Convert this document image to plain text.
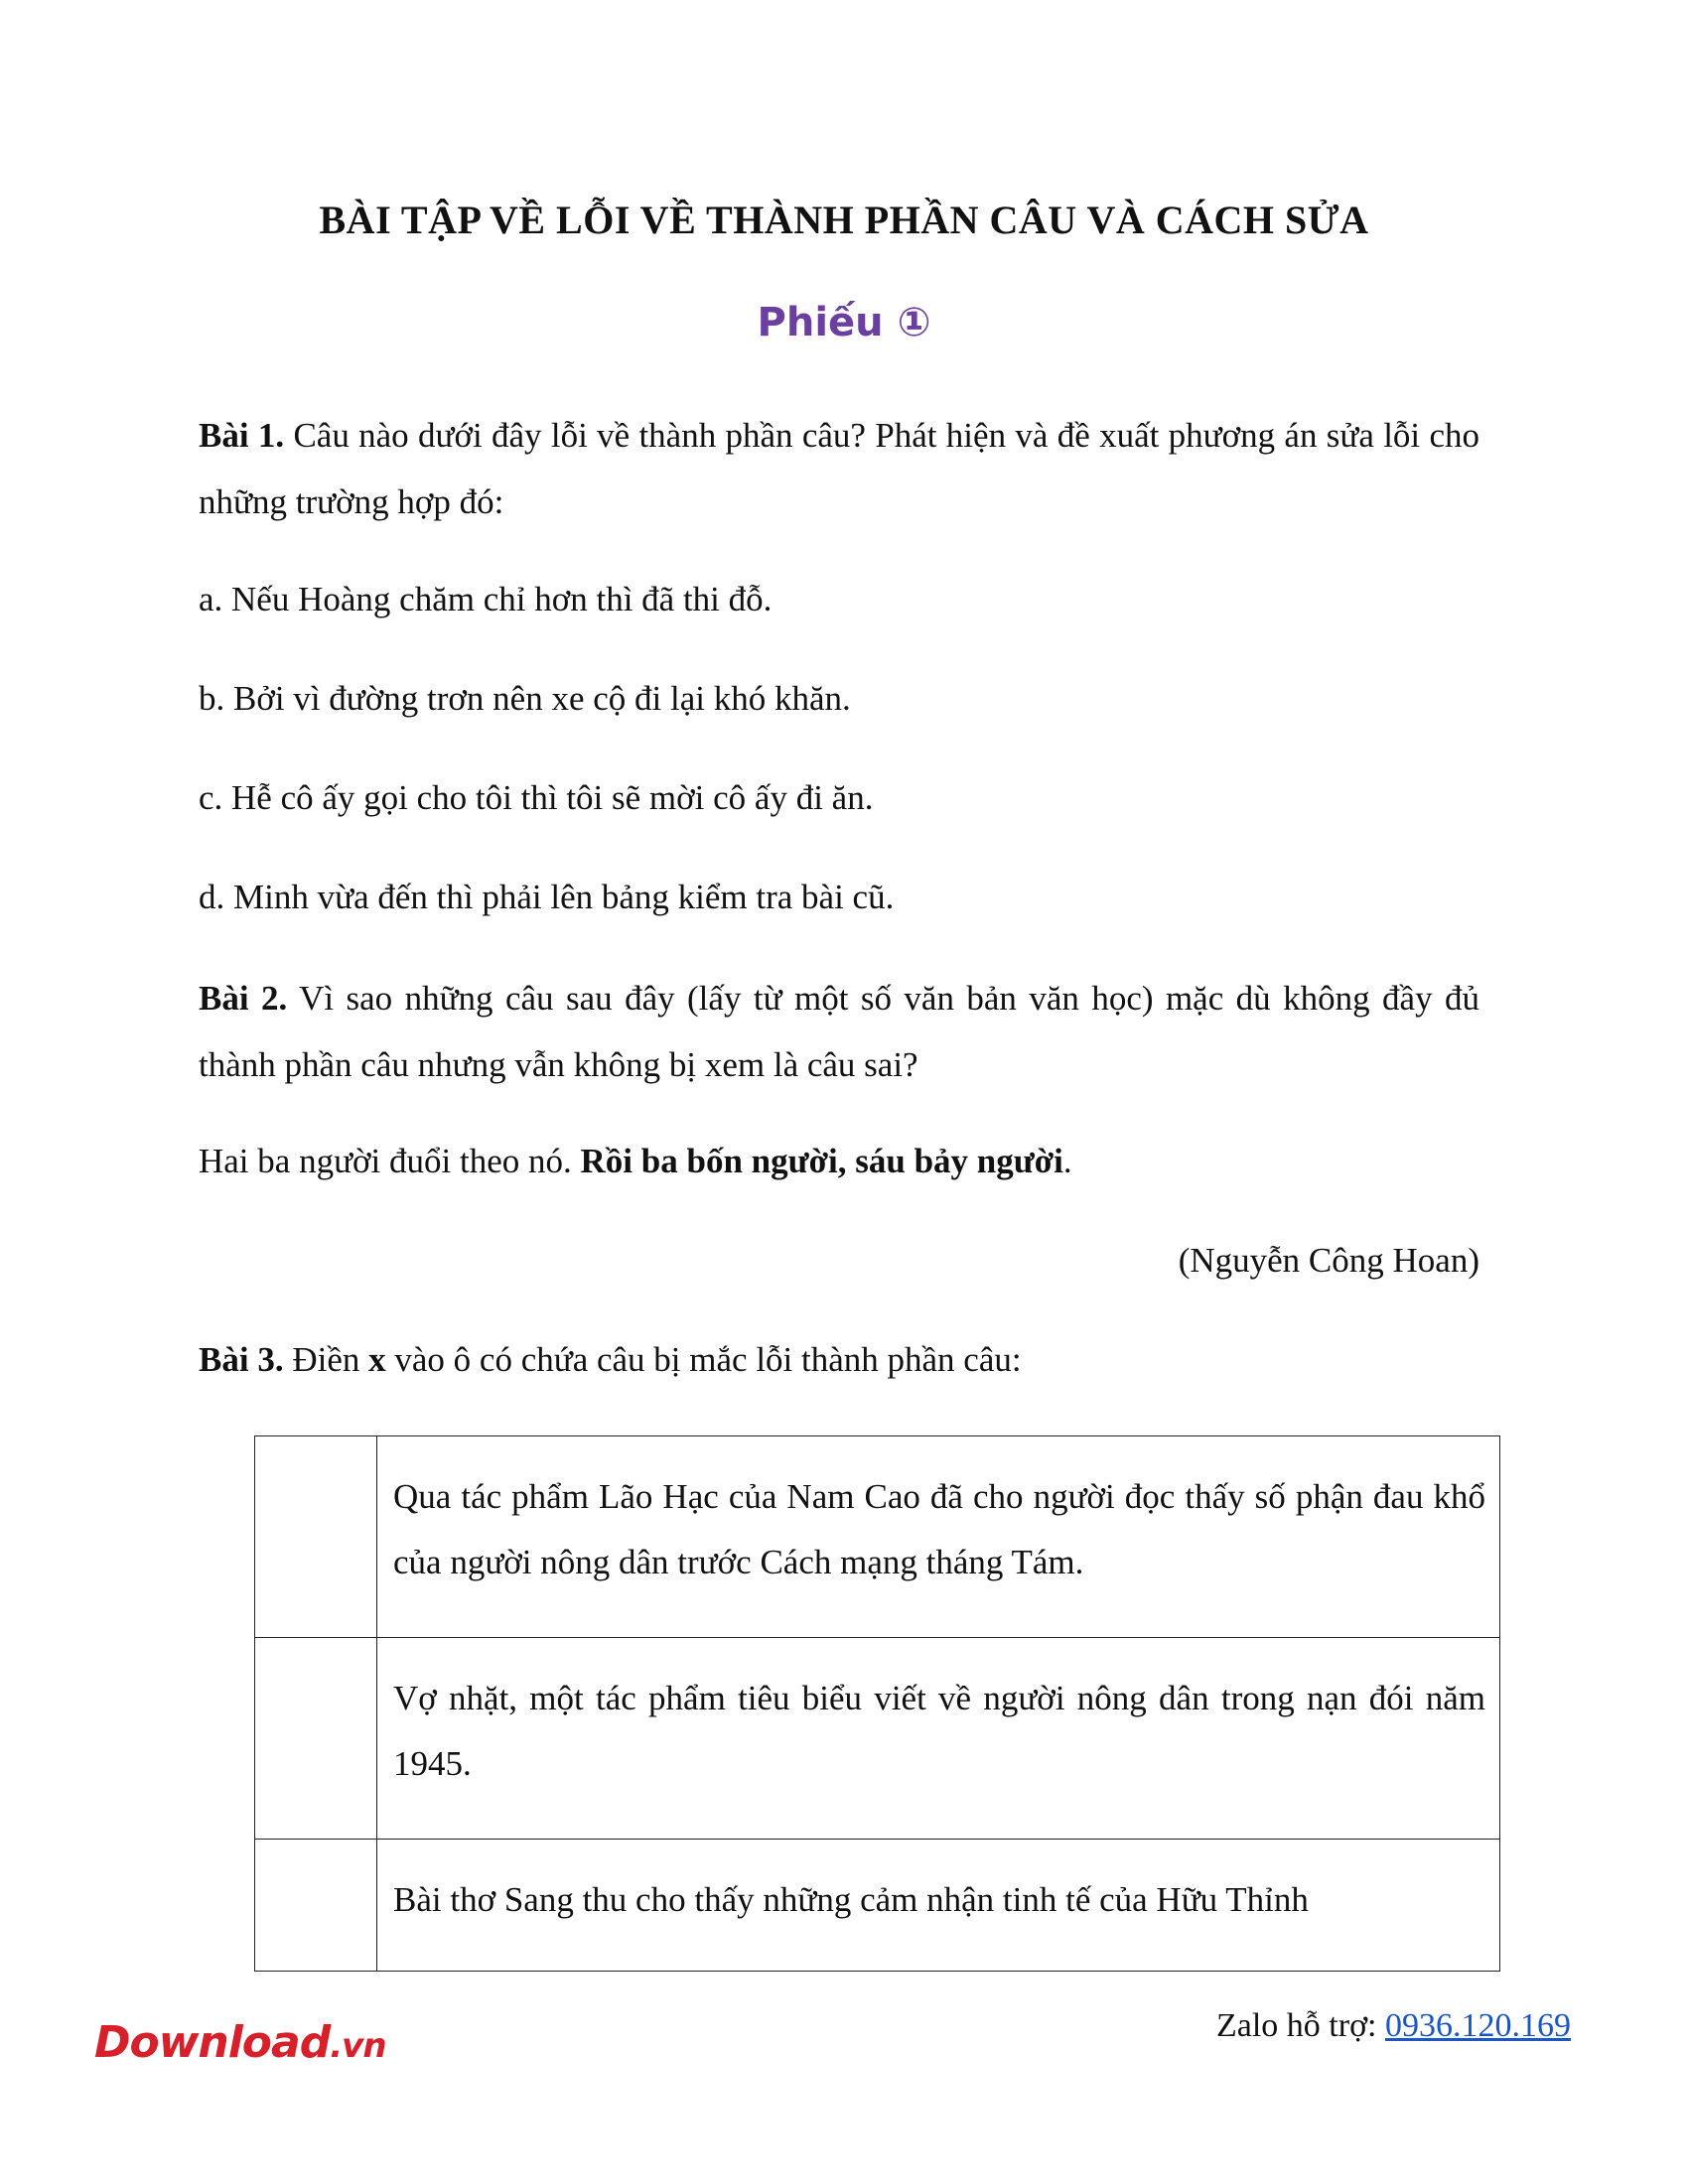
BÀI TẬP VỀ LỖI VỀ THÀNH PHẦN CÂU VÀ CÁCH SỬA
Phiếu ①
Bài 1. Câu nào dưới đây lỗi về thành phần câu? Phát hiện và đề xuất phương án sửa lỗi cho những trường hợp đó:
a. Nếu Hoàng chăm chỉ hơn thì đã thi đỗ.
b. Bởi vì đường trơn nên xe cộ đi lại khó khăn.
c. Hễ cô ấy gọi cho tôi thì tôi sẽ mời cô ấy đi ăn.
d. Minh vừa đến thì phải lên bảng kiểm tra bài cũ.
Bài 2. Vì sao những câu sau đây (lấy từ một số văn bản văn học) mặc dù không đầy đủ thành phần câu nhưng vẫn không bị xem là câu sai?
Hai ba người đuổi theo nó. Rồi ba bốn người, sáu bảy người.
(Nguyễn Công Hoan)
Bài 3. Điền x vào ô có chứa câu bị mắc lỗi thành phần câu:
	Qua tác phẩm Lão Hạc của Nam Cao đã cho người đọc thấy số phận đau khổ của người nông dân trước Cách mạng tháng Tám.
	Vợ nhặt, một tác phẩm tiêu biểu viết về người nông dân trong nạn đói năm 1945.
	Bài thơ Sang thu cho thấy những cảm nhận tinh tế của Hữu Thỉnh
Download.vn
Zalo hỗ trợ: 0936.120.169
